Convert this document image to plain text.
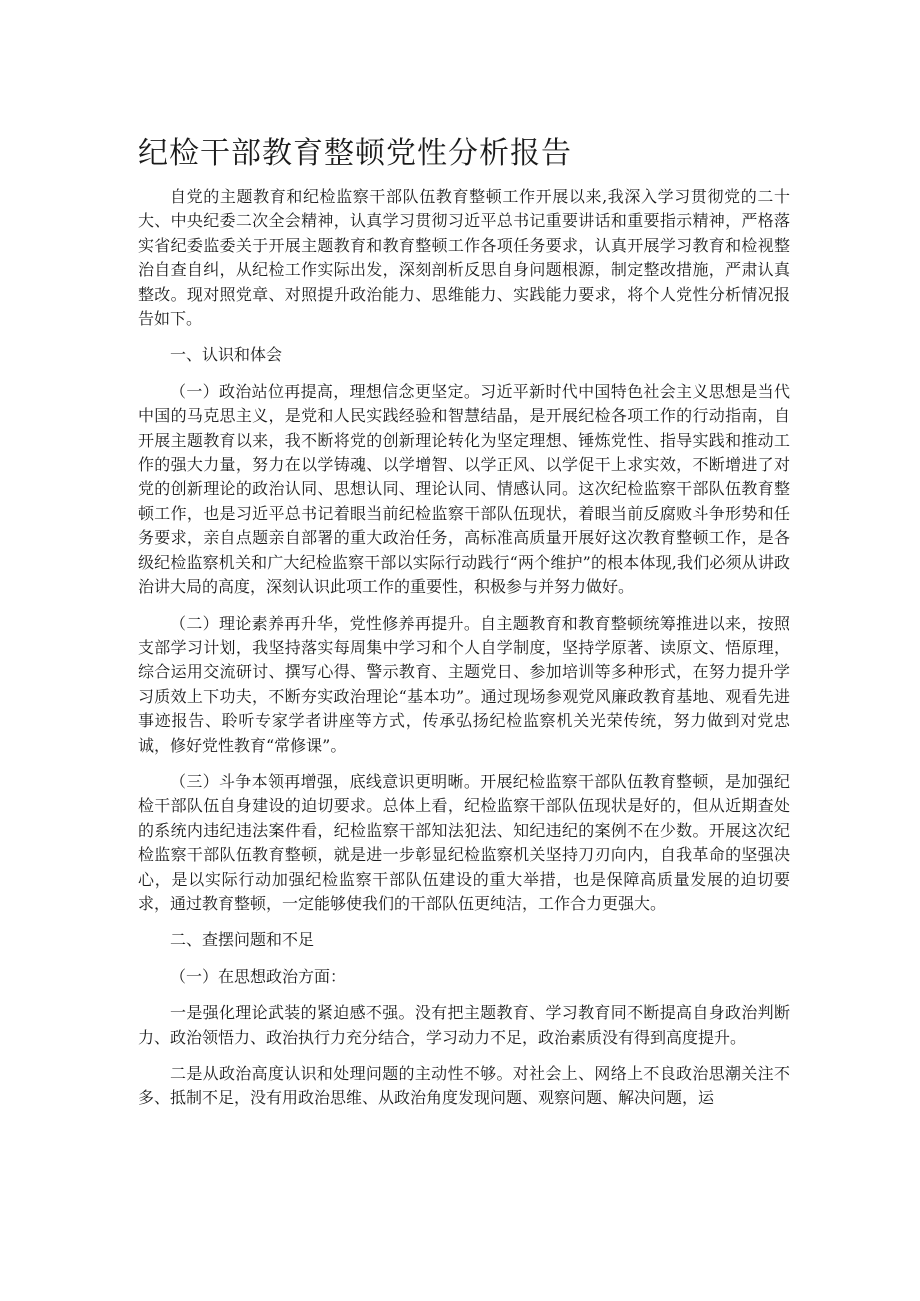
纪检干部教育整顿党性分析报告

自党的主题教育和纪检监察干部队伍教育整顿工作开展以来,我深入学习贯彻党的二十大、中央纪委二次全会精神，认真学习贯彻习近平总书记重要讲话和重要指示精神，严格落实省纪委监委关于开展主题教育和教育整顿工作各项任务要求，认真开展学习教育和检视整治自查自纠，从纪检工作实际出发，深刻剖析反思自身问题根源，制定整改措施，严肃认真整改。现对照党章、对照提升政治能力、思维能力、实践能力要求，将个人党性分析情况报告如下。

一、认识和体会

（一）政治站位再提高，理想信念更坚定。习近平新时代中国特色社会主义思想是当代中国的马克思主义，是党和人民实践经验和智慧结晶，是开展纪检各项工作的行动指南，自开展主题教育以来，我不断将党的创新理论转化为坚定理想、锤炼党性、指导实践和推动工作的强大力量，努力在以学铸魂、以学增智、以学正风、以学促干上求实效，不断增进了对党的创新理论的政治认同、思想认同、理论认同、情感认同。这次纪检监察干部队伍教育整顿工作，也是习近平总书记着眼当前纪检监察干部队伍现状，着眼当前反腐败斗争形势和任务要求，亲自点题亲自部署的重大政治任务，高标准高质量开展好这次教育整顿工作，是各级纪检监察机关和广大纪检监察干部以实际行动践行“两个维护”的根本体现,我们必须从讲政治讲大局的高度，深刻认识此项工作的重要性，积极参与并努力做好。

（二）理论素养再升华，党性修养再提升。自主题教育和教育整顿统筹推进以来，按照支部学习计划，我坚持落实每周集中学习和个人自学制度，坚持学原著、读原文、悟原理，综合运用交流研讨、撰写心得、警示教育、主题党日、参加培训等多种形式，在努力提升学习质效上下功夫，不断夯实政治理论“基本功”。通过现场参观党风廉政教育基地、观看先进事迹报告、聆听专家学者讲座等方式，传承弘扬纪检监察机关光荣传统，努力做到对党忠诚，修好党性教育“常修课”。

（三）斗争本领再增强，底线意识更明晰。开展纪检监察干部队伍教育整顿，是加强纪检干部队伍自身建设的迫切要求。总体上看，纪检监察干部队伍现状是好的，但从近期查处的系统内违纪违法案件看，纪检监察干部知法犯法、知纪违纪的案例不在少数。开展这次纪检监察干部队伍教育整顿，就是进一步彰显纪检监察机关坚持刀刃向内，自我革命的坚强决心，是以实际行动加强纪检监察干部队伍建设的重大举措，也是保障高质量发展的迫切要求，通过教育整顿，一定能够使我们的干部队伍更纯洁，工作合力更强大。

二、查摆问题和不足

（一）在思想政治方面：

一是强化理论武装的紧迫感不强。没有把主题教育、学习教育同不断提高自身政治判断力、政治领悟力、政治执行力充分结合，学习动力不足，政治素质没有得到高度提升。

二是从政治高度认识和处理问题的主动性不够。对社会上、网络上不良政治思潮关注不多、抵制不足，没有用政治思维、从政治角度发现问题、观察问题、解决问题，运
